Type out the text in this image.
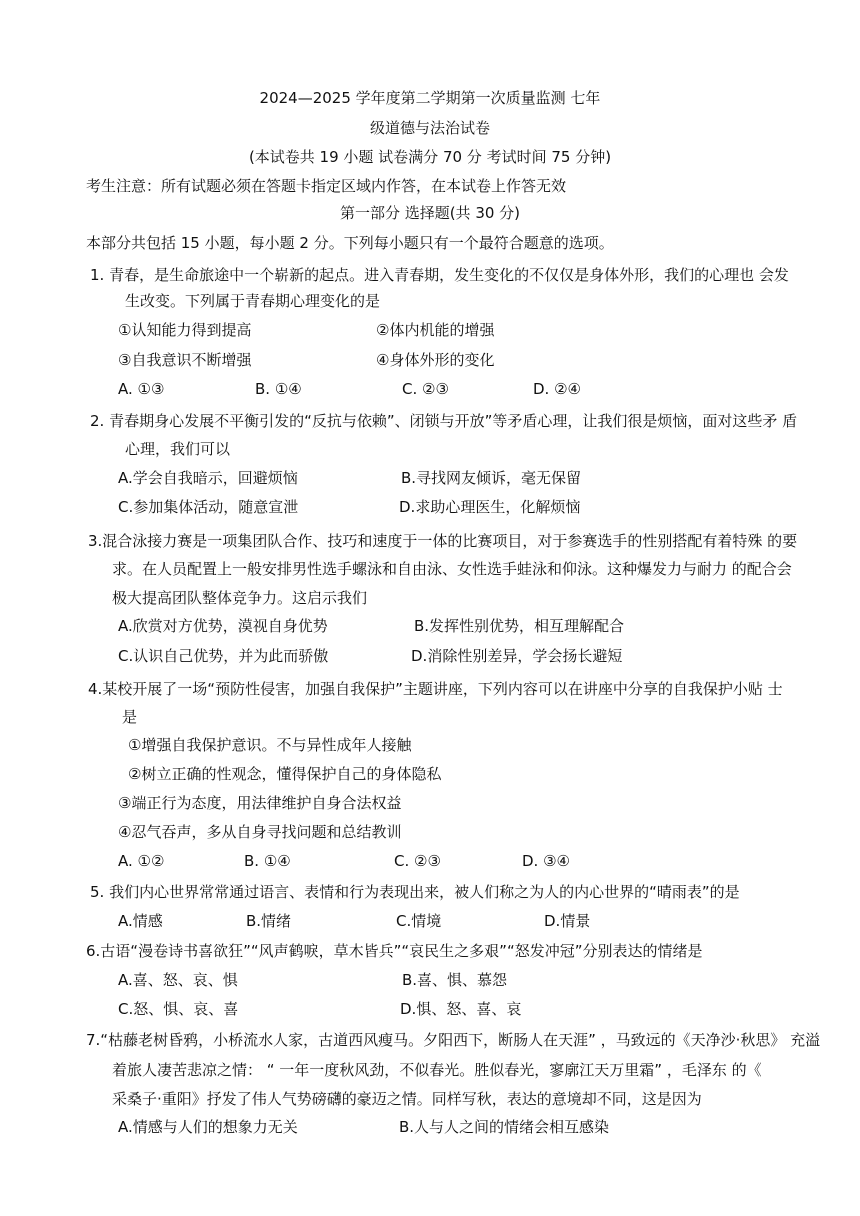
2024—2025 学年度第二学期第一次质量监测 七年
级道德与法治试卷
(本试卷共 19 小题 试卷满分 70 分 考试时间 75 分钟)
考生注意：所有试题必须在答题卡指定区域内作答，在本试卷上作答无效
第一部分 选择题(共 30 分)
本部分共包括 15 小题，每小题 2 分。下列每小题只有一个最符合题意的选项。
1. 青春，是生命旅途中一个崭新的起点。进入青春期，发生变化的不仅仅是身体外形，我们的心理也 会发
生改变。下列属于青春期心理变化的是
①认知能力得到提高	②体内机能的增强
③自我意识不断增强	④身体外形的变化
A. ①③	B. ①④	C. ②③	D. ②④
2. 青春期身心发展不平衡引发的“反抗与依赖”、闭锁与开放”等矛盾心理，让我们很是烦恼，面对这些矛 盾
心理，我们可以
A.学会自我暗示，回避烦恼	B.寻找网友倾诉，毫无保留
C.参加集体活动，随意宣泄	D.求助心理医生，化解烦恼
3.混合泳接力赛是一项集团队合作、技巧和速度于一体的比赛项目，对于参赛选手的性别搭配有着特殊 的要
求。在人员配置上一般安排男性选手螺泳和自由泳、女性选手蛙泳和仰泳。这种爆发力与耐力 的配合会
极大提高团队整体竞争力。这启示我们
A.欣赏对方优势，漠视自身优势	B.发挥性别优势，相互理解配合
C.认识自己优势，并为此而骄傲	D.消除性别差异，学会扬长避短
4.某校开展了一场“预防性侵害，加强自我保护”主题讲座，下列内容可以在讲座中分享的自我保护小贴 士
是
①增强自我保护意识。不与异性成年人接触
②树立正确的性观念，懂得保护自己的身体隐私
③端正行为态度，用法律维护自身合法权益
④忍气吞声，多从自身寻找问题和总结教训
A. ①②	B. ①④	C. ②③	D. ③④
5. 我们内心世界常常通过语言、表情和行为表现出来，被人们称之为人的内心世界的“晴雨表”的是
A.情感	B.情绪	C.情境	D.情景
6.古语“漫卷诗书喜欲狂”“风声鹤唳，草木皆兵”“哀民生之多艰”“怒发冲冠”分别表达的情绪是
A.喜、怒、哀、惧	B.喜、惧、慕怨
C.怒、惧、哀、喜	D.惧、怒、喜、哀
7.“枯藤老树昏鸦，小桥流水人家，古道西风瘦马。夕阳西下，断肠人在天涯” ，马致远的《天净沙·秋思》 充溢
着旅人凄苦悲凉之情： “ 一年一度秋风劲，不似春光。胜似春光，寥廓江天万里霜” ，毛泽东 的《
采桑子·重阳》抒发了伟人气势磅礴的豪迈之情。同样写秋，表达的意境却不同，这是因为
A.情感与人们的想象力无关	B.人与人之间的情绪会相互感染
